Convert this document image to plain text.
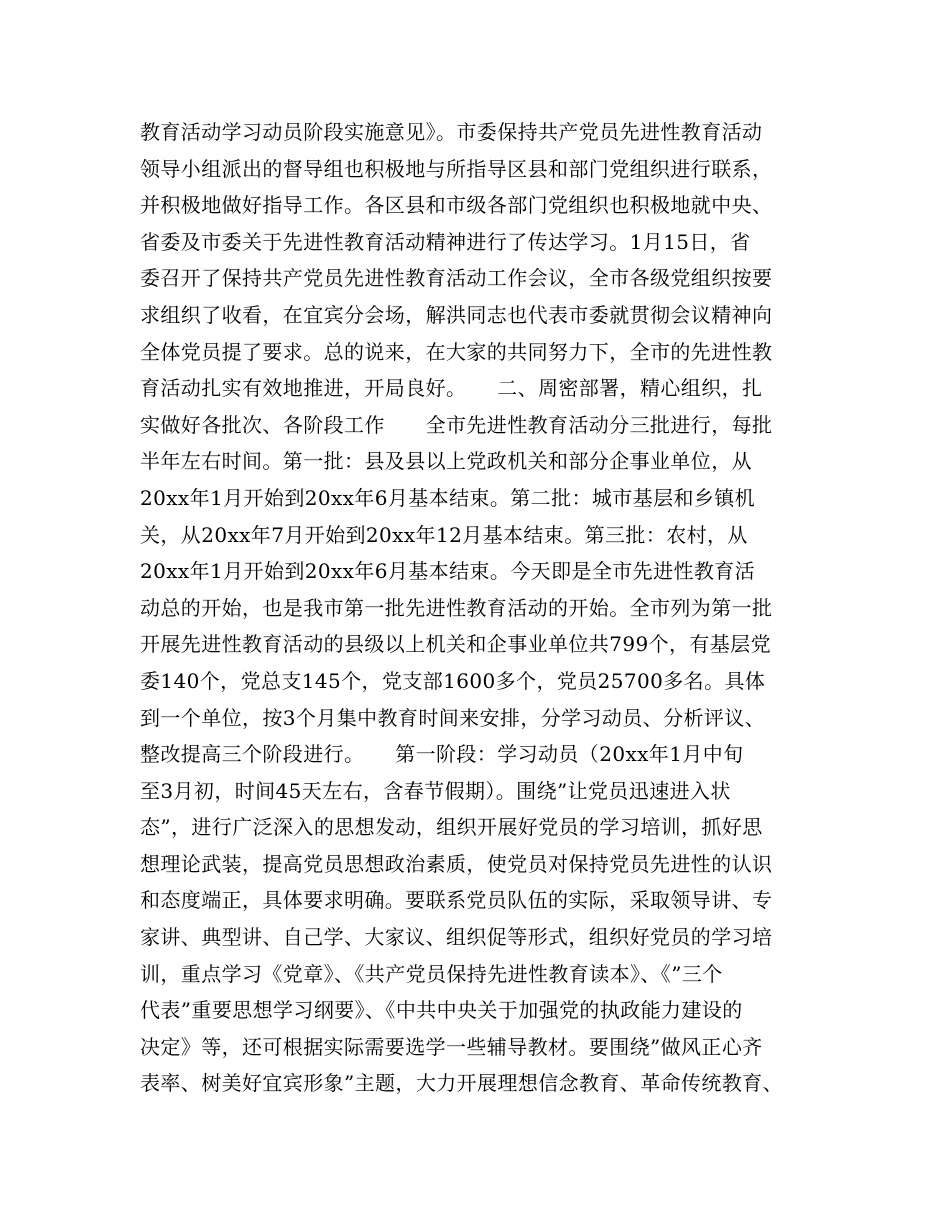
教育活动学习动员阶段实施意见》。市委保持共产党员先进性教育活动
领导小组派出的督导组也积极地与所指导区县和部门党组织进行联系，
并积极地做好指导工作。各区县和市级各部门党组织也积极地就中央、
省委及市委关于先进性教育活动精神进行了传达学习。1月15日，省
委召开了保持共产党员先进性教育活动工作会议，全市各级党组织按要
求组织了收看，在宜宾分会场，解洪同志也代表市委就贯彻会议精神向
全体党员提了要求。总的说来，在大家的共同努力下，全市的先进性教
育活动扎实有效地推进，开局良好。　　二、周密部署，精心组织，扎
实做好各批次、各阶段工作　　全市先进性教育活动分三批进行，每批
半年左右时间。第一批：县及县以上党政机关和部分企事业单位，从
20xx年1月开始到20xx年6月基本结束。第二批：城市基层和乡镇机
关，从20xx年7月开始到20xx年12月基本结束。第三批：农村，从
20xx年1月开始到20xx年6月基本结束。今天即是全市先进性教育活
动总的开始，也是我市第一批先进性教育活动的开始。全市列为第一批
开展先进性教育活动的县级以上机关和企事业单位共799个，有基层党
委140个，党总支145个，党支部1600多个，党员25700多名。具体
到一个单位，按3个月集中教育时间来安排，分学习动员、分析评议、
整改提高三个阶段进行。　　第一阶段：学习动员（20xx年1月中旬
至3月初，时间45天左右，含春节假期）。围绕”让党员迅速进入状
态”，进行广泛深入的思想发动，组织开展好党员的学习培训，抓好思
想理论武装，提高党员思想政治素质，使党员对保持党员先进性的认识
和态度端正，具体要求明确。要联系党员队伍的实际，采取领导讲、专
家讲、典型讲、自己学、大家议、组织促等形式，组织好党员的学习培
训，重点学习《党章》、《共产党员保持先进性教育读本》、《”三个
代表”重要思想学习纲要》、《中共中央关于加强党的执政能力建设的
决定》等，还可根据实际需要选学一些辅导教材。要围绕”做风正心齐
表率、树美好宜宾形象”主题，大力开展理想信念教育、革命传统教育、
